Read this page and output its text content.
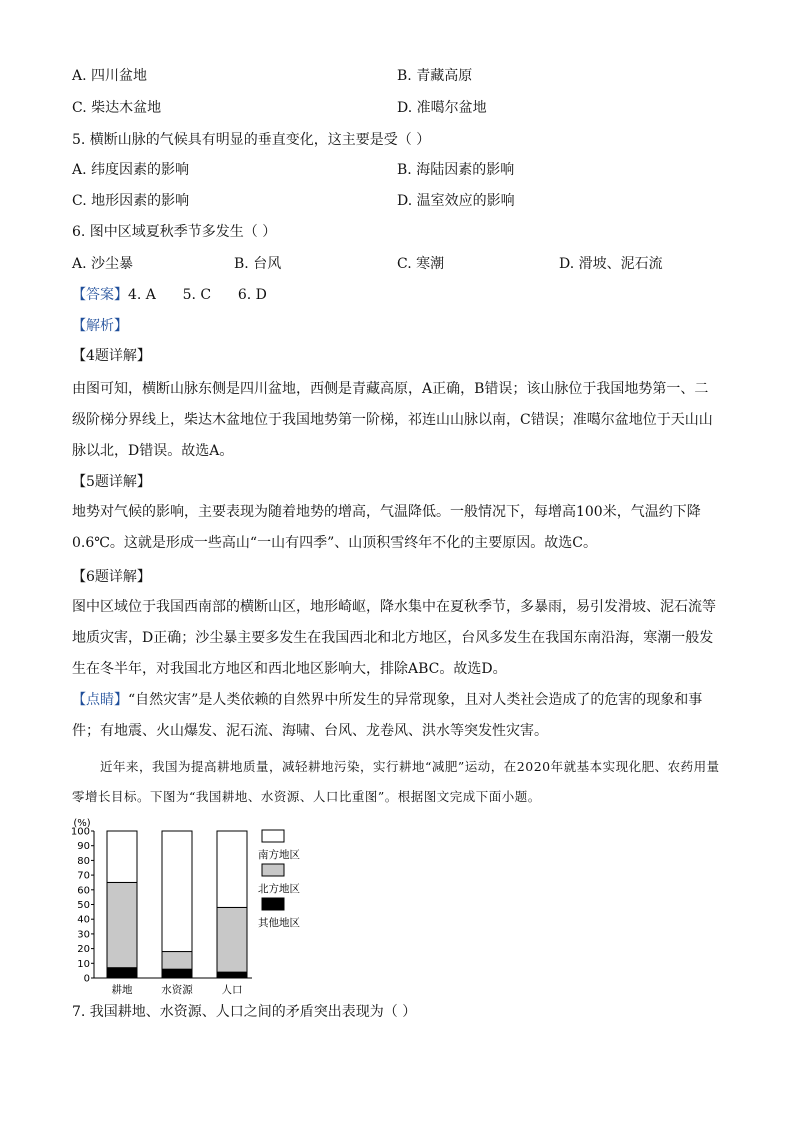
A. 四川盆地	B. 青藏高原
C. 柴达木盆地	D. 准噶尔盆地
5. 横断山脉的气候具有明显的垂直变化，这主要是受（ ）
A. 纬度因素的影响	B. 海陆因素的影响
C. 地形因素的影响	D. 温室效应的影响
6. 图中区域夏秋季节多发生（ ）
A. 沙尘暴	B. 台风	C. 寒潮	D. 滑坡、泥石流
【答案】4. A      5. C      6. D
【解析】
【4题详解】
由图可知，横断山脉东侧是四川盆地，西侧是青藏高原，A正确，B错误；该山脉位于我国地势第一、二级阶梯分界线上，柴达木盆地位于我国地势第一阶梯，祁连山山脉以南，C错误；准噶尔盆地位于天山山脉以北，D错误。故选A。
【5题详解】
地势对气候的影响，主要表现为随着地势的增高，气温降低。一般情况下，每增高100米，气温约下降0.6℃。这就是形成一些高山“一山有四季”、山顶积雪终年不化的主要原因。故选C。
【6题详解】
图中区域位于我国西南部的横断山区，地形崎岖，降水集中在夏秋季节，多暴雨，易引发滑坡、泥石流等地质灾害，D正确；沙尘暴主要多发生在我国西北和北方地区，台风多发生在我国东南沿海，寒潮一般发生在冬半年，对我国北方地区和西北地区影响大，排除ABC。故选D。
【点睛】“自然灾害”是人类依赖的自然界中所发生的异常现象，且对人类社会造成了的危害的现象和事件；有地震、火山爆发、泥石流、海啸、台风、龙卷风、洪水等突发性灾害。
近年来，我国为提高耕地质量，减轻耕地污染，实行耕地“减肥”运动，在2020年就基本实现化肥、农药用量零增长目标。下图为“我国耕地、水资源、人口比重图”。根据图文完成下面小题。
(%)
0
10
20
30
40
50
60
70
80
90
100
耕地	水资源	人口
南方地区
北方地区
其他地区
7. 我国耕地、水资源、人口之间的矛盾突出表现为（ ）
